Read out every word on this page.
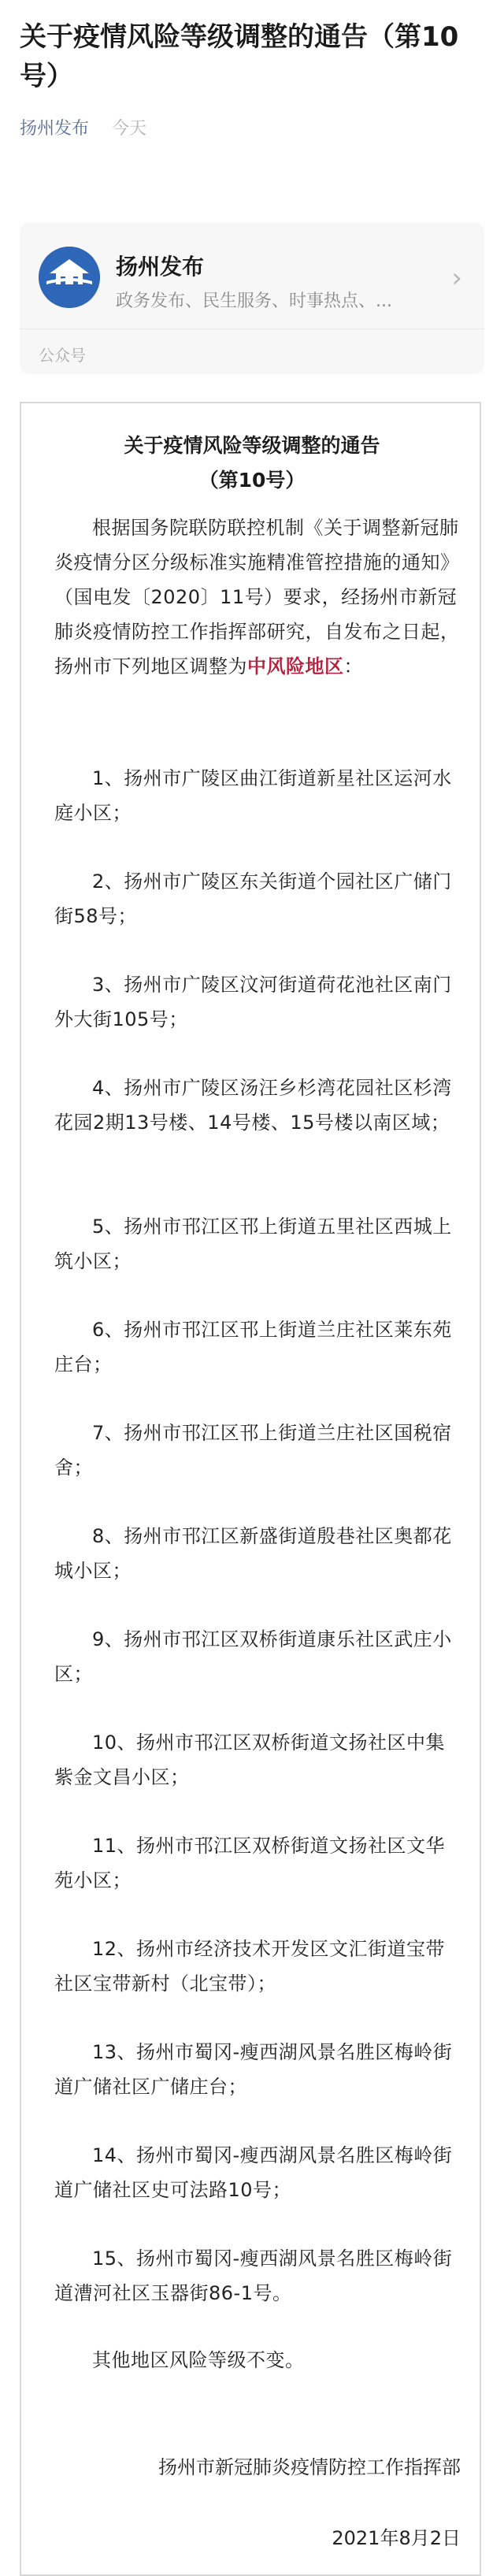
关于疫情风险等级调整的通告（第10号）
扬州发布 今天
扬州发布
政务发布、民生服务、时事热点、...
›
公众号
关于疫情风险等级调整的通告
（第10号）

根据国务院联防联控机制《关于调整新冠肺炎疫情分区分级标准实施精准管控措施的通知》（国电发〔2020〕11号）要求，经扬州市新冠肺炎疫情防控工作指挥部研究，自发布之日起，扬州市下列地区调整为中风险地区：

1、扬州市广陵区曲江街道新星社区运河水庭小区；

2、扬州市广陵区东关街道个园社区广储门街58号；

3、扬州市广陵区汶河街道荷花池社区南门外大街105号；

4、扬州市广陵区汤汪乡杉湾花园社区杉湾花园2期13号楼、14号楼、15号楼以南区域；

5、扬州市邗江区邗上街道五里社区西城上筑小区；

6、扬州市邗江区邗上街道兰庄社区莱东苑庄台；

7、扬州市邗江区邗上街道兰庄社区国税宿舍；

8、扬州市邗江区新盛街道殷巷社区奥都花城小区；

9、扬州市邗江区双桥街道康乐社区武庄小区；

10、扬州市邗江区双桥街道文扬社区中集紫金文昌小区；

11、扬州市邗江区双桥街道文扬社区文华苑小区；

12、扬州市经济技术开发区文汇街道宝带社区宝带新村（北宝带）；

13、扬州市蜀冈-瘦西湖风景名胜区梅岭街道广储社区广储庄台；

14、扬州市蜀冈-瘦西湖风景名胜区梅岭街道广储社区史可法路10号；

15、扬州市蜀冈-瘦西湖风景名胜区梅岭街道漕河社区玉器街86-1号。

其他地区风险等级不变。

扬州市新冠肺炎疫情防控工作指挥部
2021年8月2日
